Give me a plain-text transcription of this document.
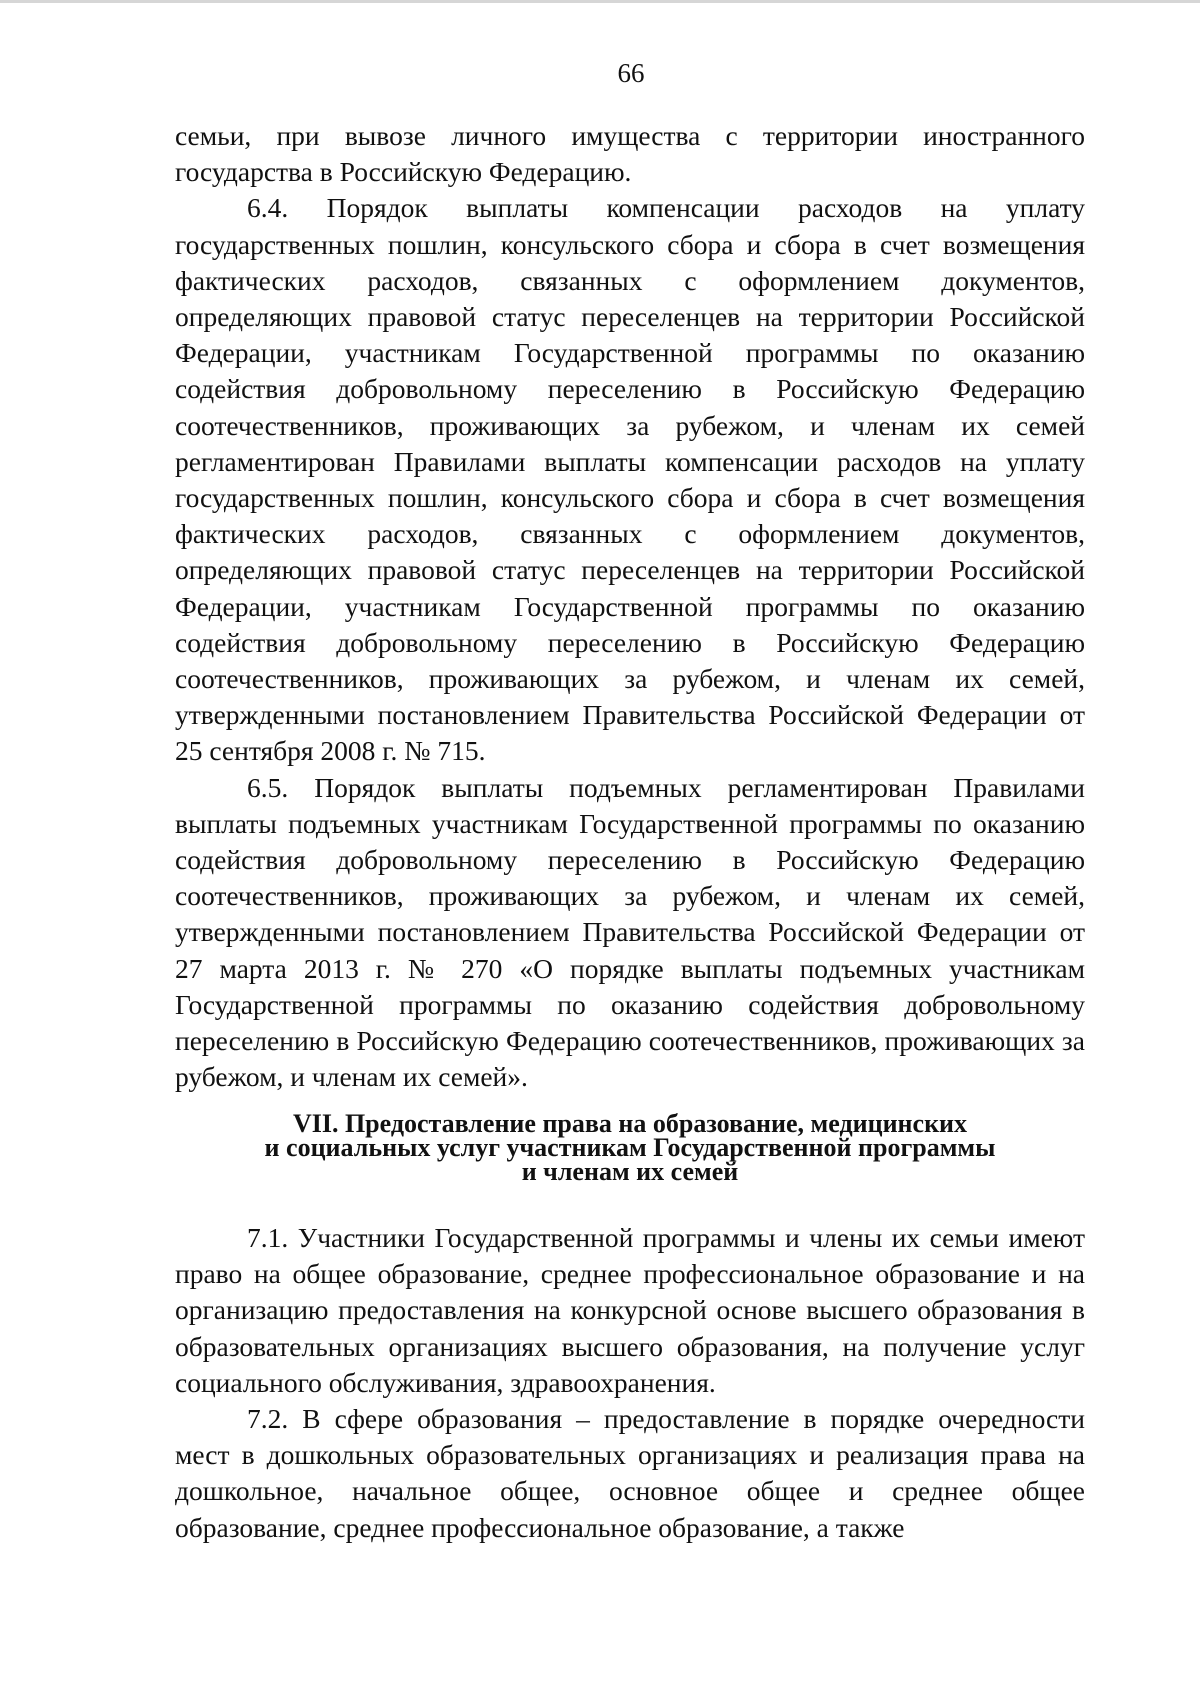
66

семьи, при вывозе личного имущества с территории иностранного государства в Российскую Федерацию.

6.4. Порядок выплаты компенсации расходов на уплату государственных пошлин, консульского сбора и сбора в счет возмещения фактических расходов, связанных с оформлением документов, определяющих правовой статус переселенцев на территории Российской Федерации, участникам Государственной программы по оказанию содействия добровольному переселению в Российскую Федерацию соотечественников, проживающих за рубежом, и членам их семей регламентирован Правилами выплаты компенсации расходов на уплату государственных пошлин, консульского сбора и сбора в счет возмещения фактических расходов, связанных с оформлением документов, определяющих правовой статус переселенцев на территории Российской Федерации, участникам Государственной программы по оказанию содействия добровольному переселению в Российскую Федерацию соотечественников, проживающих за рубежом, и членам их семей, утвержденными постановлением Правительства Российской Федерации от 25 сентября 2008 г. № 715.

6.5. Порядок выплаты подъемных регламентирован Правилами выплаты подъемных участникам Государственной программы по оказанию содействия добровольному переселению в Российскую Федерацию соотечественников, проживающих за рубежом, и членам их семей, утвержденными постановлением Правительства Российской Федерации от 27 марта 2013 г. № 270 «О порядке выплаты подъемных участникам Государственной программы по оказанию содействия добровольному переселению в Российскую Федерацию соотечественников, проживающих за рубежом, и членам их семей».

VII. Предоставление права на образование, медицинских
и социальных услуг участникам Государственной программы
и членам их семей

7.1. Участники Государственной программы и члены их семьи имеют право на общее образование, среднее профессиональное образование и на организацию предоставления на конкурсной основе высшего образования в образовательных организациях высшего образования, на получение услуг социального обслуживания, здравоохранения.

7.2. В сфере образования – предоставление в порядке очередности мест в дошкольных образовательных организациях и реализация права на дошкольное, начальное общее, основное общее и среднее общее образование, среднее профессиональное образование, а также
